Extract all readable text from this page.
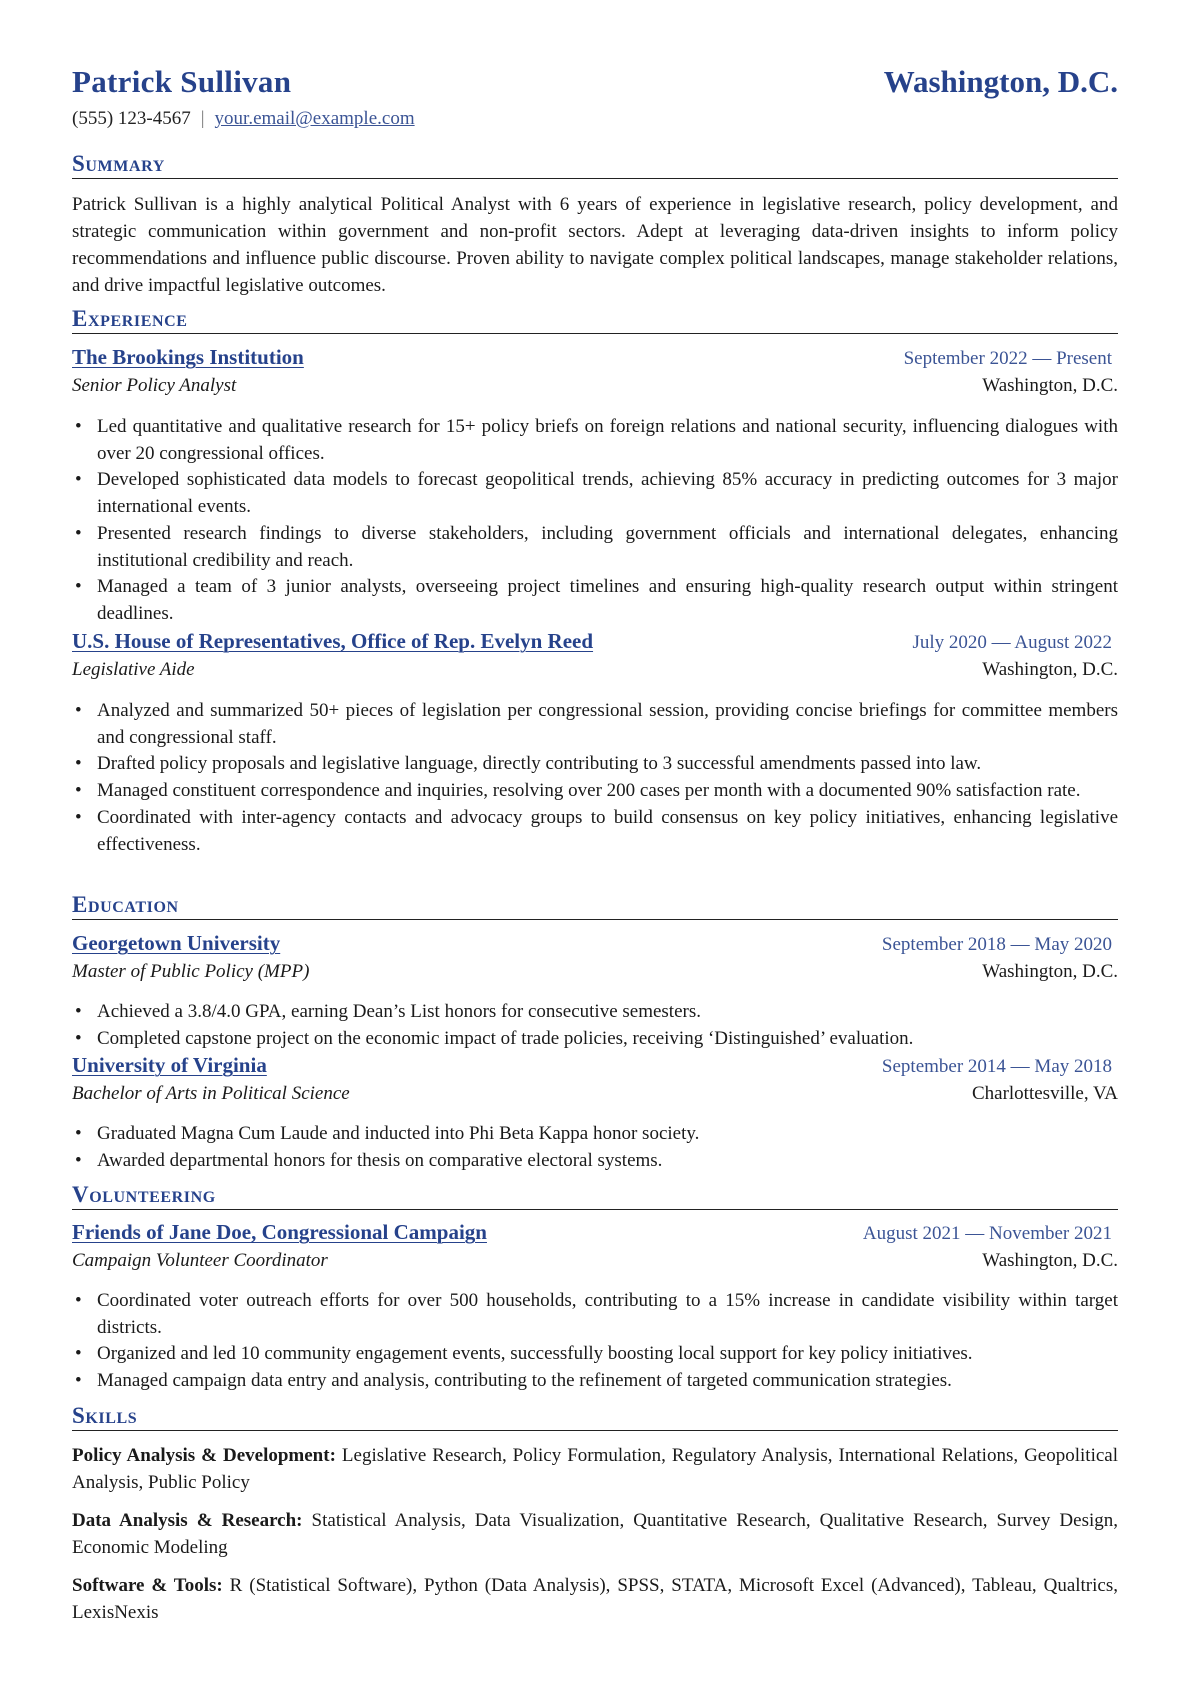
Patrick Sullivan	Washington, D.C.
(555) 123-4567 | your.email@example.com
Summary
Patrick Sullivan is a highly analytical Political Analyst with 6 years of experience in legislative research, policy development, and strategic communication within government and non-profit sectors. Adept at leveraging data-driven insights to inform policy recommendations and influence public discourse. Proven ability to navigate complex political landscapes, manage stakeholder relations, and drive impactful legislative outcomes.
Experience
The Brookings Institution	September 2022 — Present
Senior Policy Analyst	Washington, D.C.
• Led quantitative and qualitative research for 15+ policy briefs on foreign relations and national security, influencing dialogues with over 20 congressional offices.
• Developed sophisticated data models to forecast geopolitical trends, achieving 85% accuracy in predicting outcomes for 3 major international events.
• Presented research findings to diverse stakeholders, including government officials and international delegates, enhancing institutional credibility and reach.
• Managed a team of 3 junior analysts, overseeing project timelines and ensuring high-quality research output within stringent deadlines.
U.S. House of Representatives, Office of Rep. Evelyn Reed	July 2020 — August 2022
Legislative Aide	Washington, D.C.
• Analyzed and summarized 50+ pieces of legislation per congressional session, providing concise briefings for committee members and congressional staff.
• Drafted policy proposals and legislative language, directly contributing to 3 successful amendments passed into law.
• Managed constituent correspondence and inquiries, resolving over 200 cases per month with a documented 90% satisfaction rate.
• Coordinated with inter-agency contacts and advocacy groups to build consensus on key policy initiatives, enhancing legislative effectiveness.
Education
Georgetown University	September 2018 — May 2020
Master of Public Policy (MPP)	Washington, D.C.
• Achieved a 3.8/4.0 GPA, earning Dean’s List honors for consecutive semesters.
• Completed capstone project on the economic impact of trade policies, receiving ‘Distinguished’ evaluation.
University of Virginia	September 2014 — May 2018
Bachelor of Arts in Political Science	Charlottesville, VA
• Graduated Magna Cum Laude and inducted into Phi Beta Kappa honor society.
• Awarded departmental honors for thesis on comparative electoral systems.
Volunteering
Friends of Jane Doe, Congressional Campaign	August 2021 — November 2021
Campaign Volunteer Coordinator	Washington, D.C.
• Coordinated voter outreach efforts for over 500 households, contributing to a 15% increase in candidate visibility within target districts.
• Organized and led 10 community engagement events, successfully boosting local support for key policy initiatives.
• Managed campaign data entry and analysis, contributing to the refinement of targeted communication strategies.
Skills
Policy Analysis & Development: Legislative Research, Policy Formulation, Regulatory Analysis, International Relations, Geopolitical Analysis, Public Policy
Data Analysis & Research: Statistical Analysis, Data Visualization, Quantitative Research, Qualitative Research, Survey Design, Economic Modeling
Software & Tools: R (Statistical Software), Python (Data Analysis), SPSS, STATA, Microsoft Excel (Advanced), Tableau, Qualtrics, LexisNexis
